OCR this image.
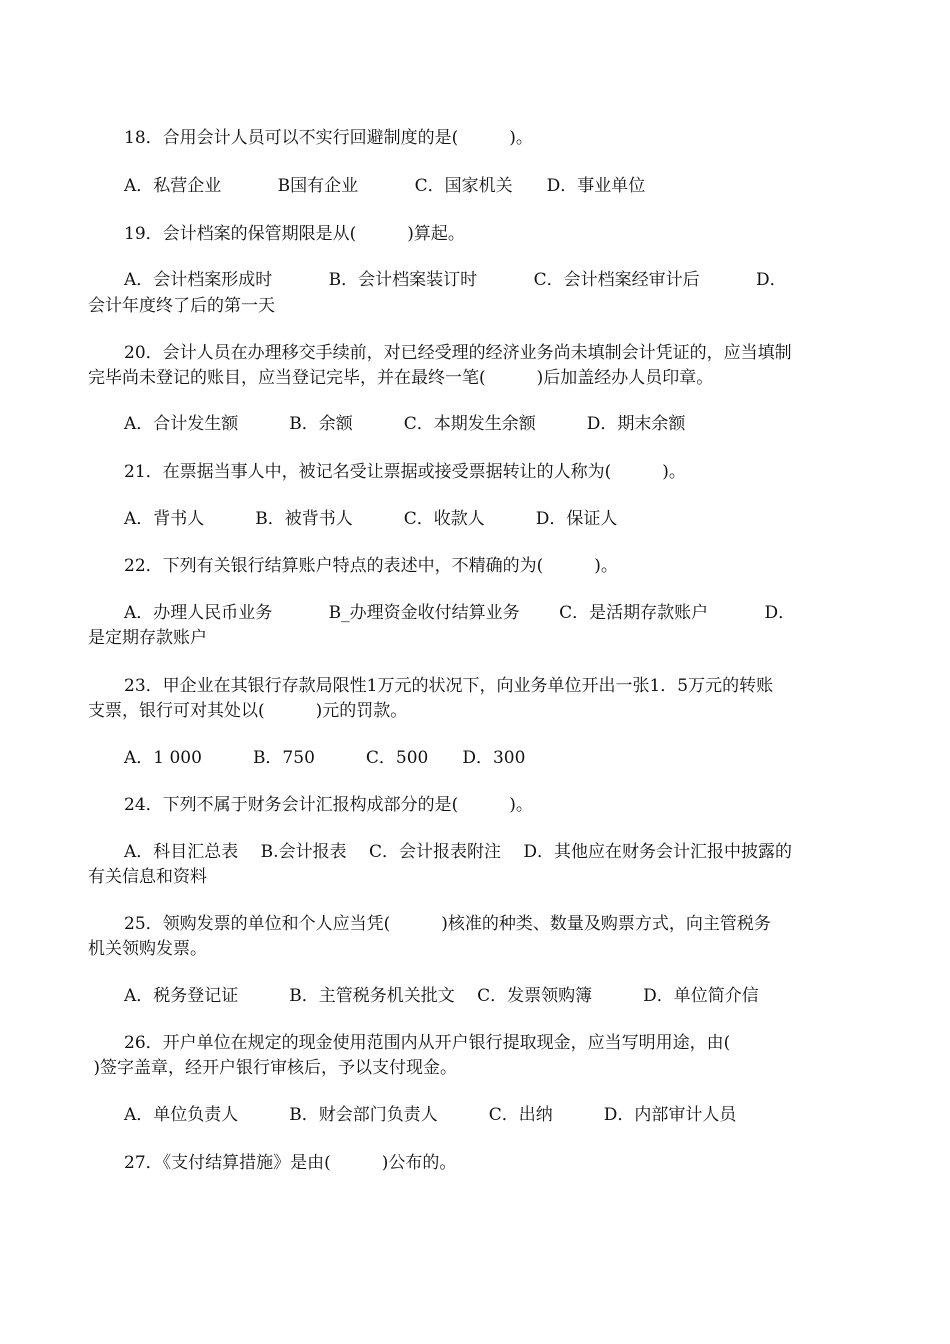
18．合用会计人员可以不实行回避制度的是(　　　)。
A．私营企业　　　 B国有企业　　　 C．国家机关　　D．事业单位
19．会计档案的保管期限是从(　　　)算起。
A．会计档案形成时　　　 B．会计档案装订时　　　 C．会计档案经审计后　　　 D．
会计年度终了后的第一天
20．会计人员在办理移交手续前，对已经受理的经济业务尚未填制会计凭证的，应当填制
完毕尚未登记的账目，应当登记完毕，并在最终一笔(　　　)后加盖经办人员印章。
A．合计发生额　　　B．余额　　　C．本期发生余额　　　D．期末余额
21．在票据当事人中，被记名受让票据或接受票据转让的人称为(　　　)。
A．背书人　　　B．被背书人　　　C．收款人　　　D．保证人
22．下列有关银行结算账户特点的表述中，不精确的为(　　　)。
A．办理人民币业务　　　 B_办理资金收付结算业务　　 C．是活期存款账户　　　 D．
是定期存款账户
23．甲企业在其银行存款局限性1万元的状况下，向业务单位开出一张1．5万元的转账
支票，银行可对其处以(　　　)元的罚款。
A．1 000　　　B．750　　　C．500　　D．300
24．下列不属于财务会计汇报构成部分的是(　　　)。
A．科目汇总表　 B.会计报表　 C．会计报表附注　 D．其他应在财务会计汇报中披露的
有关信息和资料
25．领购发票的单位和个人应当凭(　　　)核准的种类、数量及购票方式，向主管税务
机关领购发票。
A．税务登记证　　　B．主管税务机关批文　 C．发票领购簿　　　D．单位简介信
26．开户单位在规定的现金使用范围内从开户银行提取现金，应当写明用途，由(
)签字盖章，经开户银行审核后，予以支付现金。
A．单位负责人　　　B．财会部门负责人　　　C．出纳　　　D．内部审计人员
27．《支付结算措施》是由(　　　)公布的。
